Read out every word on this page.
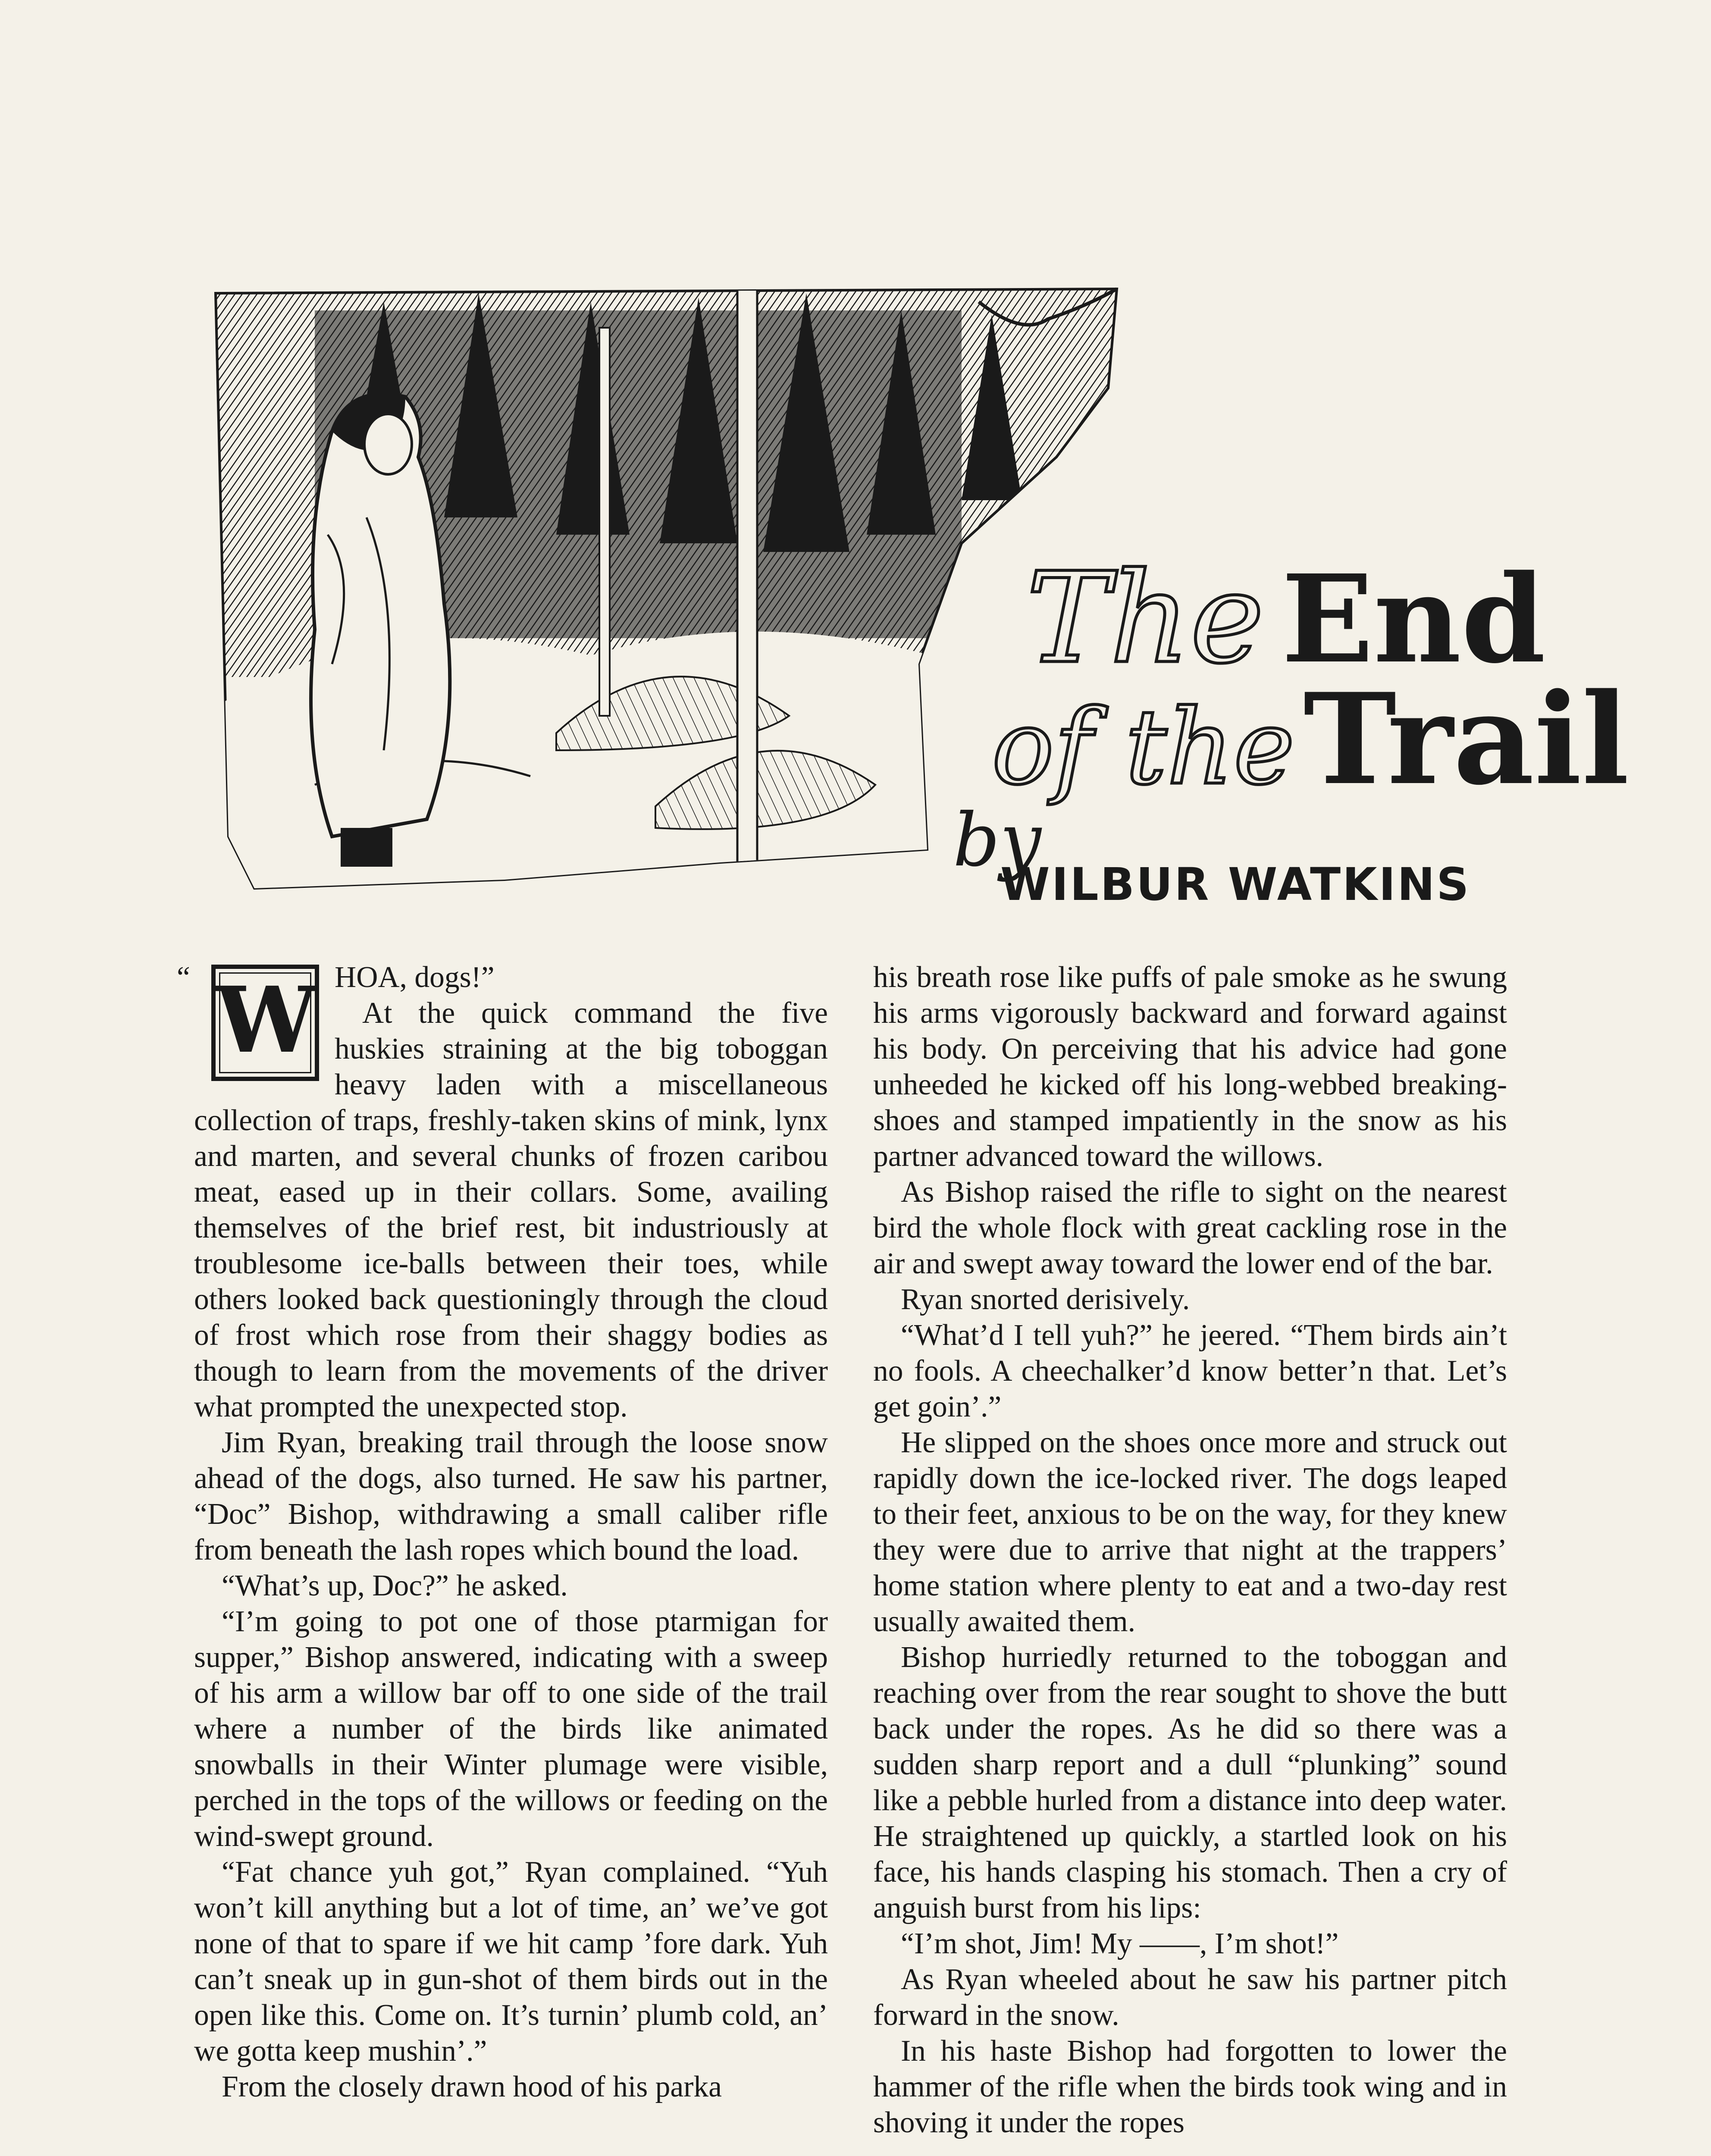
The End
of theTrail
by
WILBUR WATKINS

“ W HOA, dogs!”

At the quick command the five huskies straining at the big toboggan heavy laden with a miscellaneous collection of traps, freshly-taken skins of mink, lynx and marten, and several chunks of frozen caribou meat, eased up in their collars. Some, availing themselves of the brief rest, bit industriously at troublesome ice-balls between their toes, while others looked back questioningly through the cloud of frost which rose from their shaggy bodies as though to learn from the movements of the driver what prompted the unexpected stop.

Jim Ryan, breaking trail through the loose snow ahead of the dogs, also turned. He saw his partner, “Doc” Bishop, withdrawing a small caliber rifle from beneath the lash ropes which bound the load.

“What’s up, Doc?” he asked.

“I’m going to pot one of those ptarmigan for supper,” Bishop answered, indicating with a sweep of his arm a willow bar off to one side of the trail where a number of the birds like animated snowballs in their Winter plumage were visible, perched in the tops of the willows or feeding on the wind-swept ground.

“Fat chance yuh got,” Ryan complained. “Yuh won’t kill anything but a lot of time, an’ we’ve got none of that to spare if we hit camp ’fore dark. Yuh can’t sneak up in gun-shot of them birds out in the open like this. Come on. It’s turnin’ plumb cold, an’ we gotta keep mushin’.”

From the closely drawn hood of his parka

his breath rose like puffs of pale smoke as he swung his arms vigorously backward and forward against his body. On perceiving that his advice had gone unheeded he kicked off his long-webbed breaking-shoes and stamped impatiently in the snow as his partner advanced toward the willows.

As Bishop raised the rifle to sight on the nearest bird the whole flock with great cackling rose in the air and swept away toward the lower end of the bar.

Ryan snorted derisively.

“What’d I tell yuh?” he jeered. “Them birds ain’t no fools. A cheechalker’d know better’n that. Let’s get goin’.”

He slipped on the shoes once more and struck out rapidly down the ice-locked river. The dogs leaped to their feet, anxious to be on the way, for they knew they were due to arrive that night at the trappers’ home station where plenty to eat and a two-day rest usually awaited them.

Bishop hurriedly returned to the toboggan and reaching over from the rear sought to shove the butt back under the ropes. As he did so there was a sudden sharp report and a dull “plunking” sound like a pebble hurled from a distance into deep water. He straightened up quickly, a startled look on his face, his hands clasping his stomach. Then a cry of anguish burst from his lips:

“I’m shot, Jim! My ——, I’m shot!”

As Ryan wheeled about he saw his partner pitch forward in the snow.

In his haste Bishop had forgotten to lower the hammer of the rifle when the birds took wing and in shoving it under the ropes
